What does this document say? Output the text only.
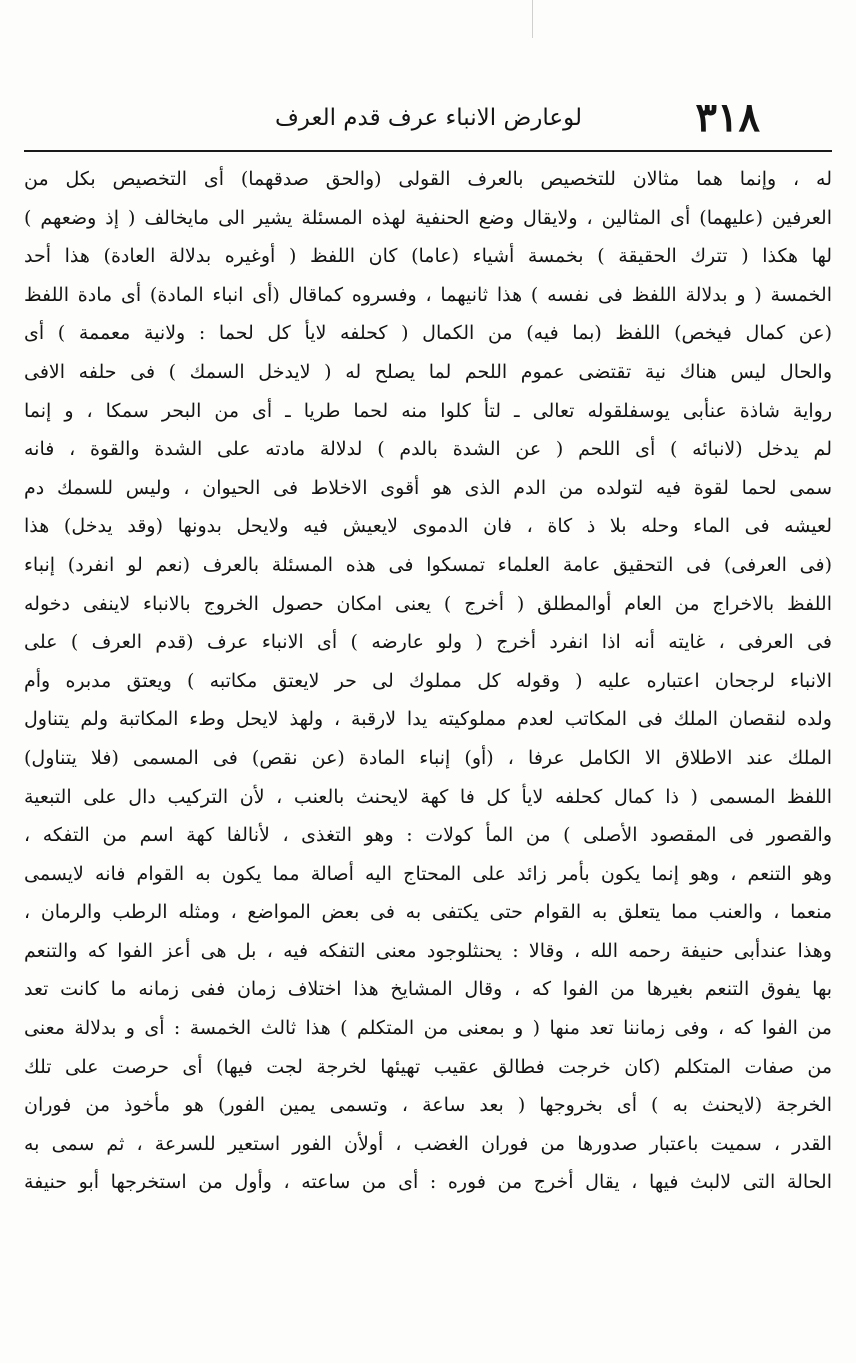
٣١٨
لوعارض الانباء عرف قدم العرف
له ، وإنما هما مثالان للتخصيص بالعرف القولى (والحق صدقهما) أى التخصيص بكل من
العرفين (عليهما) أى المثالين ، ولايقال وضع الحنفية لهذه المسئلة يشير الى مايخالف ( إذ وضعهم )
لها هكذا ( تترك الحقيقة ) بخمسة أشياء (عاما) كان اللفظ ( أوغيره بدلالة العادة) هذا أحد
الخمسة ( و بدلالة اللفظ فى نفسه ) هذا ثانيهما ، وفسروه كماقال (أى انباء المادة) أى مادة اللفظ
(عن كمال فيخص) اللفظ (بما فيه) من الكمال ( كحلفه لايأ كل لحما : ولانية معممة ) أى
والحال ليس هناك نية تقتضى عموم اللحم لما يصلح له ( لايدخل السمك ) فى حلفه الافى
رواية شاذة عنأبى يوسفلقوله تعالى ـ لتأ كلوا منه لحما طريا ـ أى من البحر سمكا ، و إنما
لم يدخل (لانبائه ) أى اللحم ( عن الشدة بالدم ) لدلالة مادته على الشدة والقوة ، فانه
سمى لحما لقوة فيه لتولده من الدم الذى هو أقوى الاخلاط فى الحيوان ، وليس للسمك دم
لعيشه فى الماء وحله بلا ذ كاة ، فان الدموى لايعيش فيه ولايحل بدونها (وقد يدخل) هذا
(فى العرفى) فى التحقيق عامة العلماء تمسكوا فى هذه المسئلة بالعرف (نعم لو انفرد) إنباء
اللفظ بالاخراج من العام أوالمطلق ( أخرج ) يعنى امكان حصول الخروج بالانباء لاينفى دخوله
فى العرفى ، غايته أنه اذا انفرد أخرج ( ولو عارضه ) أى الانباء عرف (قدم العرف ) على
الانباء لرجحان اعتباره عليه ( وقوله كل مملوك لى حر لايعتق مكاتبه ) ويعتق مدبره وأم
ولده لنقصان الملك فى المكاتب لعدم مملوكيته يدا لارقبة ، ولهذ لايحل وطء المكاتبة ولم يتناول
الملك عند الاطلاق الا الكامل عرفا ، (أو) إنباء المادة (عن نقص) فى المسمى (فلا يتناول)
اللفظ المسمى ( ذا كمال كحلفه لايأ كل فا كهة لايحنث بالعنب ، لأن التركيب دال على التبعية
والقصور فى المقصود الأصلى ) من المأ كولات : وهو التغذى ، لأنالفا كهة اسم من التفكه ،
وهو التنعم ، وهو إنما يكون بأمر زائد على المحتاج اليه أصالة مما يكون به القوام فانه لايسمى
منعما ، والعنب مما يتعلق به القوام حتى يكتفى به فى بعض المواضع ، ومثله الرطب والرمان ،
وهذا عندأبى حنيفة رحمه الله ، وقالا : يحنثلوجود معنى التفكه فيه ، بل هى أعز الفوا كه والتنعم
بها يفوق التنعم بغيرها من الفوا كه ، وقال المشايخ هذا اختلاف زمان ففى زمانه ما كانت تعد
من الفوا كه ، وفى زماننا تعد منها ( و بمعنى من المتكلم ) هذا ثالث الخمسة : أى و بدلالة معنى
من صفات المتكلم (كان خرجت فطالق عقيب تهيئها لخرجة لجت فيها) أى حرصت على تلك
الخرجة (لايحنث به ) أى بخروجها ( بعد ساعة ، وتسمى يمين الفور) هو مأخوذ من فوران
القدر ، سميت باعتبار صدورها من فوران الغضب ، أولأن الفور استعير للسرعة ، ثم سمى به
الحالة التى لالبث فيها ، يقال أخرج من فوره : أى من ساعته ، وأول من استخرجها أبو حنيفة
